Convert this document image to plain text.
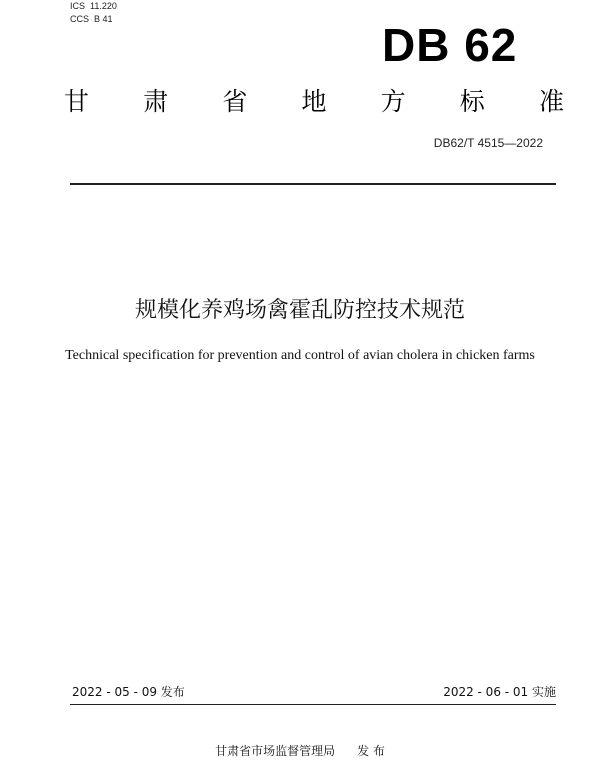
ICS  11.220
CCS  B 41	DB 62
甘 肃 省 地 方 标 准
DB62/T 4515—2022
规模化养鸡场禽霍乱防控技术规范
Technical specification for prevention and control of avian cholera in chicken farms
2022 - 05 - 09 发布	2022 - 06 - 01 实施
甘肃省市场监督管理局 发 布
